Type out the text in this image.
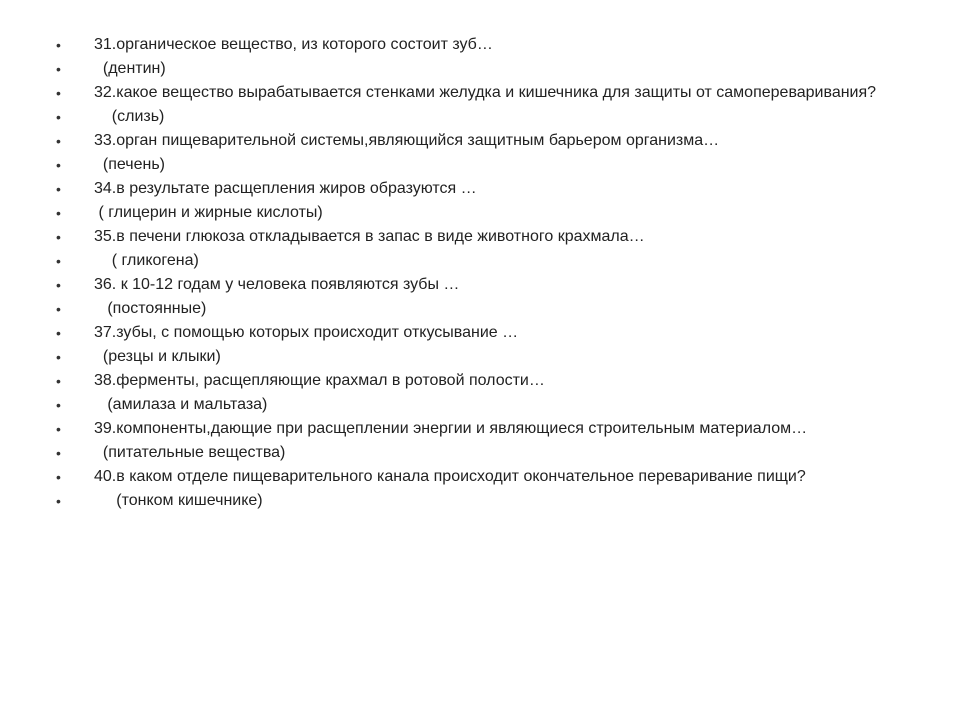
• 31.органическое вещество, из которого состоит зуб…
• (дентин)
• 32.какое вещество вырабатывается стенками желудка и кишечника для защиты от самопереваривания?
• (слизь)
• 33.орган пищеварительной системы,являющийся защитным барьером организма…
• (печень)
• 34.в результате расщепления жиров образуются …
• ( глицерин и жирные кислоты)
• 35.в печени глюкоза откладывается в запас в виде животного крахмала…
• ( гликогена)
• 36. к 10-12 годам у человека появляются зубы …
• (постоянные)
• 37.зубы, с помощью которых происходит откусывание …
• (резцы и клыки)
• 38.ферменты, расщепляющие крахмал в ротовой полости…
• (амилаза и мальтаза)
• 39.компоненты,дающие при расщеплении энергии и являющиеся строительным материалом…
• (питательные вещества)
• 40.в каком отделе пищеварительного канала происходит окончательное переваривание пищи?
• (тонком кишечнике)
